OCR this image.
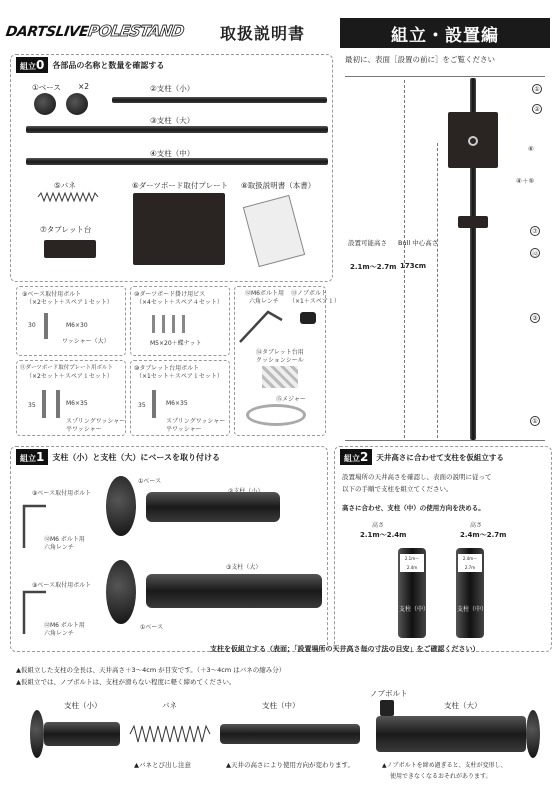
DARTSLIVEPOLESTAND 取扱説明書	組立・設置編
最初に、表面［設置の前に］をご覧ください
組立0	各部品の名称と数量を確認する
①ベース ×2	②支柱（小）
③支柱（大）
④支柱（中）
⑤バネ	⑥ダーツボード取付プレート ⑧取扱説明書（本書）
⑦タブレット台
⑨ベース取付用ボルト
（×2セット＋スペア１セット）
30	M6×30
ワッシャー（大）
⑩ダーツボード掛け用ビス
（×4セット＋スペア４セット）
M5×20＋蝶ナット
⑫M6ボルト用
六角レンチ
⑬ノブボルト
（×1＋スペア１）
⑭タブレット台用
クッションシール
⑮メジャー
⑪ダーツボード取付プレート用ボルト
（×2セット＋スペア１セット）
35	M6×35
スプリングワッシャー
平ワッシャー
⑩タブレット台用ボルト
（×1セット＋スペア１セット）
35	M6×35
スプリングワッシャー
平ワッシャー
設置可能高さ
2.1m～2.7m
Bull 中心高さ
173cm
①
②
⑥
④＋⑤
⑦
⑫
③
①
組立1	支柱（小）と支柱（大）にベースを取り付ける
⑨ベース取付用ボルト
①ベース
⑫M6 ボルト用
六角レンチ
⑨ベース取付用ボルト
①ベース
③支柱（大）
⑫M6 ボルト用
六角レンチ
組立2	天井高さに合わせて支柱を仮組立する
設置場所の天井高さを確認し、表面の説明に従って
以下の手順で支柱を組立てください。
高さに合わせ、支柱（中）の使用方向を決める。
高さ
2.1m～2.4m
高さ
2.4m～2.7m
2.1m～2.4m
支柱（中）
2.4m～2.7m
支柱（中）
支柱を仮組立する（表面；「設置場所の天井高さ毎の寸法の目安」をご確認ください）
▲仮組立した支柱の全長は、天井高さ＋3～4cm が目安です。（＋3～4cm はバネの縮み分）
▲仮組立では、ノブボルトは、支柱が滑らない程度に軽く締めてください。
支柱（小）	バネ	支柱（中）
ノブボルト
支柱（大）
▲バネとび出し注意	▲天井の高さにより使用方向が変わります。	▲ノブボルトを締め過ぎると、支柱が変形し、
使用できなくなるおそれがあります。
